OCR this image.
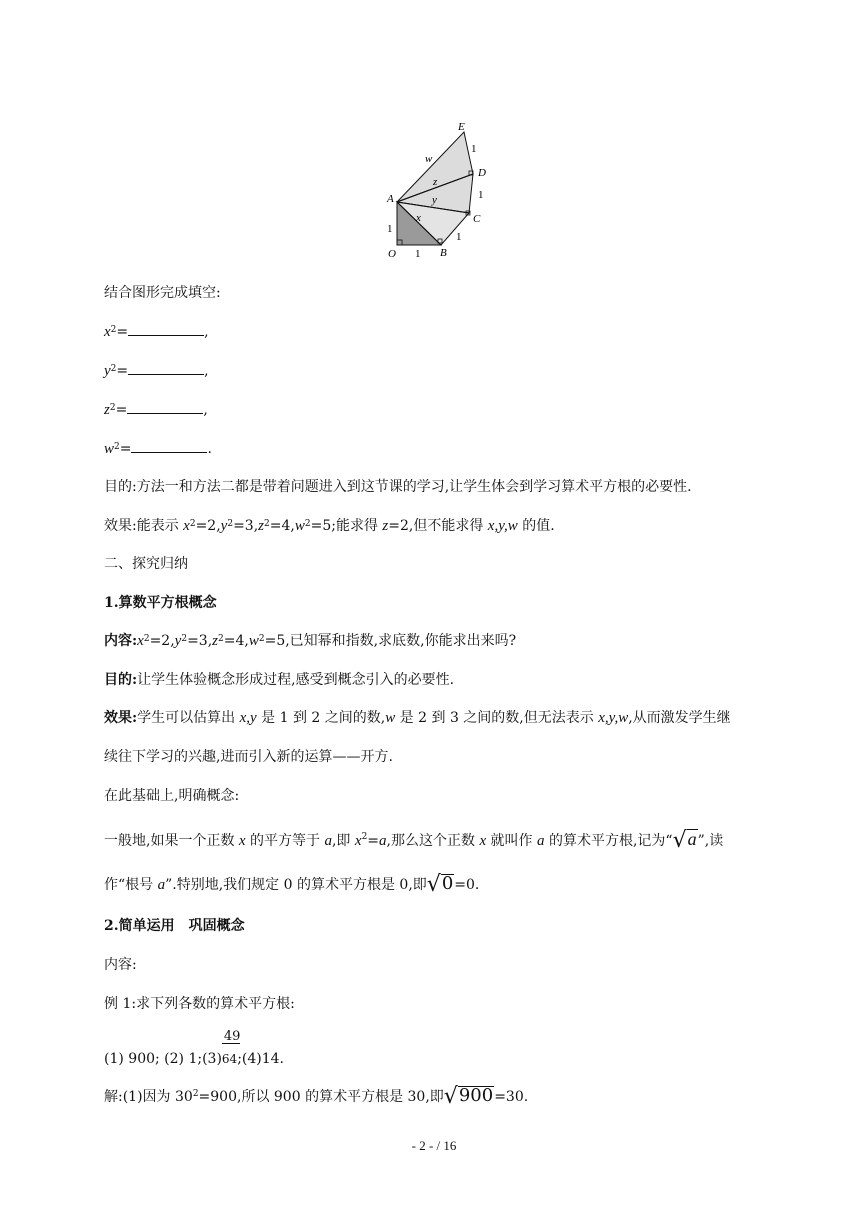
E
D
C
A
B
O
w
z
y
x
1
1
1
1
1
结合图形完成填空:
$x^2=$	,
$y^2=$	,
$z^2=$	,
$w^2=$	.
目的:方法一和方法二都是带着问题进入到这节课的学习,让学生体会到学习算术平方根的必要性.
效果:能表示 $x^2=2,y^2=3,z^2=4,w^2=5$;能求得 z=2,但不能求得 x,y,w 的值.
二、探究归纳
1.算数平方根概念
内容$:x^2=2,y^2=3,z^2=4,w^2=5$,已知幂和指数,求底数,你能求出来吗?
目的:让学生体验概念形成过程,感受到概念引入的必要性.
效果:学生可以估算出 x,y 是 1 到 2 之间的数,w 是 2 到 3 之间的数,但无法表示 x,y,w,从而激发学生继
续往下学习的兴趣,进而引入新的运算——开方.
在此基础上,明确概念:
一般地,如果一个正数 x 的平方等于 a,即 $x^2=a$,那么这个正数 x 就叫作 a 的算术平方根,记为“√a”,读
作“根号 a”.特别地,我们规定 0 的算术平方根是 0,即√0=0.
2.简单运用　巩固概念
内容:
例 1:求下列各数的算术平方根:
(1) 900; (2) 1;(3) $\frac{49}{64};(4)14$.
解:(1)因为 $30^2=900$,所以 900 的算术平方根是 30,即√900=30.
- 2 - / 16
